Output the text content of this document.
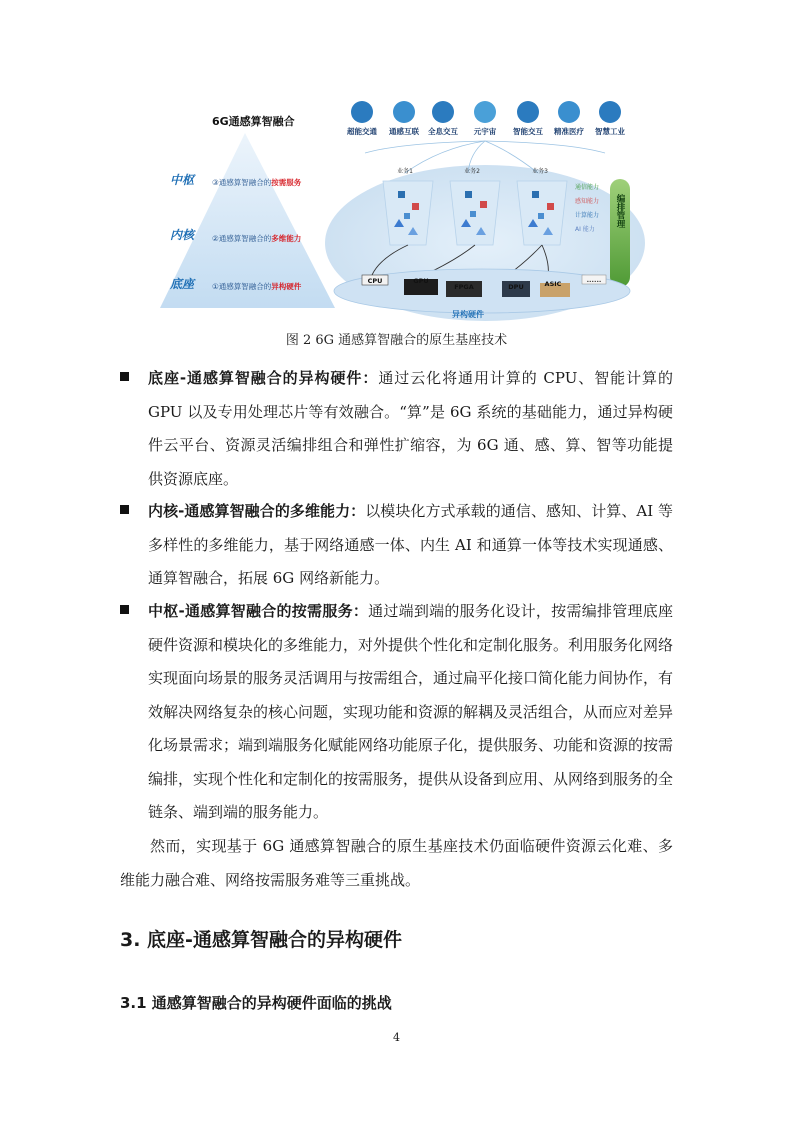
6G通感算智融合
中枢 ③通感算智融合的按需服务
内核 ②通感算智融合的多维能力
底座 ①通感算智融合的异构硬件
超能交通 通感互联 全息交互 元宇宙 智能交互 精准医疗 智慧工业
业务1	业务2	业务3
通信能力
感知能力
计算能力
AI 能力
编排管理
CPU	GPU
FPGA	DPU	ASIC	......
异构硬件
图 2 6G 通感算智融合的原生基座技术
底座-通感算智融合的异构硬件：通过云化将通用计算的 CPU、智能计算的 GPU 以及专用处理芯片等有效融合。“算”是 6G 系统的基础能力，通过异构硬件云平台、资源灵活编排组合和弹性扩缩容，为 6G 通、感、算、智等功能提供资源底座。
内核-通感算智融合的多维能力：以模块化方式承载的通信、感知、计算、AI 等多样性的多维能力，基于网络通感一体、内生 AI 和通算一体等技术实现通感、通算智融合，拓展 6G 网络新能力。
中枢-通感算智融合的按需服务：通过端到端的服务化设计，按需编排管理底座硬件资源和模块化的多维能力，对外提供个性化和定制化服务。利用服务化网络实现面向场景的服务灵活调用与按需组合，通过扁平化接口简化能力间协作，有效解决网络复杂的核心问题，实现功能和资源的解耦及灵活组合，从而应对差异化场景需求；端到端服务化赋能网络功能原子化，提供服务、功能和资源的按需编排，实现个性化和定制化的按需服务，提供从设备到应用、从网络到服务的全链条、端到端的服务能力。
然而，实现基于 6G 通感算智融合的原生基座技术仍面临硬件资源云化难、多维能力融合难、网络按需服务难等三重挑战。
3. 底座-通感算智融合的异构硬件
3.1 通感算智融合的异构硬件面临的挑战
4
